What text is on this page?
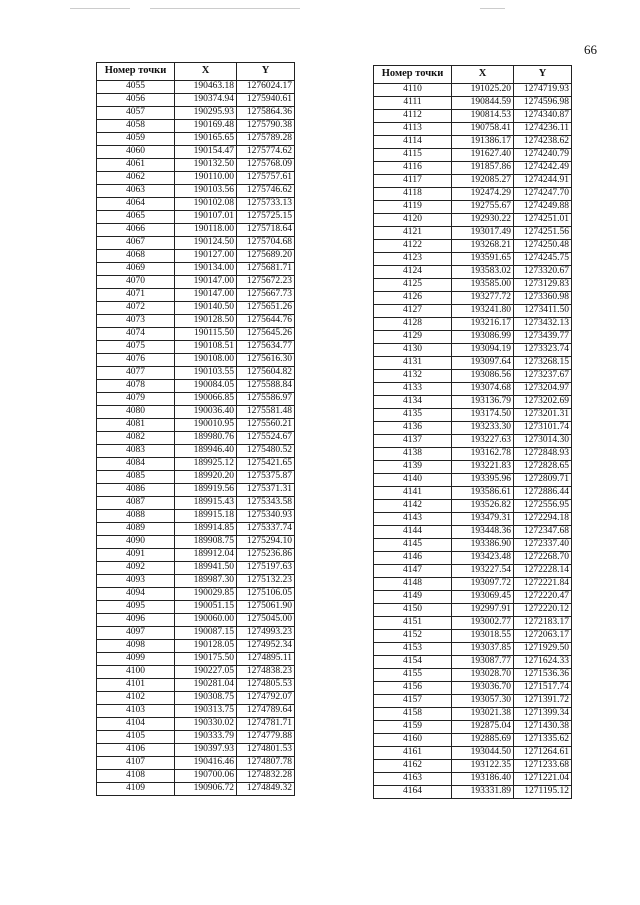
66
Номер точки	X	Y
4055	190463.18	1276024.17
4056	190374.94	1275940.61
4057	190295.93	1275864.36
4058	190169.48	1275790.38
4059	190165.65	1275789.28
4060	190154.47	1275774.62
4061	190132.50	1275768.09
4062	190110.00	1275757.61
4063	190103.56	1275746.62
4064	190102.08	1275733.13
4065	190107.01	1275725.15
4066	190118.00	1275718.64
4067	190124.50	1275704.68
4068	190127.00	1275689.20
4069	190134.00	1275681.71
4070	190147.00	1275672.23
4071	190147.00	1275667.73
4072	190140.50	1275651.26
4073	190128.50	1275644.76
4074	190115.50	1275645.26
4075	190108.51	1275634.77
4076	190108.00	1275616.30
4077	190103.55	1275604.82
4078	190084.05	1275588.84
4079	190066.85	1275586.97
4080	190036.40	1275581.48
4081	190010.95	1275560.21
4082	189980.76	1275524.67
4083	189946.40	1275480.52
4084	189925.12	1275421.65
4085	189920.20	1275375.87
4086	189919.56	1275371.31
4087	189915.43	1275343.58
4088	189915.18	1275340.93
4089	189914.85	1275337.74
4090	189908.75	1275294.10
4091	189912.04	1275236.86
4092	189941.50	1275197.63
4093	189987.30	1275132.23
4094	190029.85	1275106.05
4095	190051.15	1275061.90
4096	190060.00	1275045.00
4097	190087.15	1274993.23
4098	190128.05	1274952.34
4099	190175.50	1274895.11
4100	190227.05	1274838.23
4101	190281.04	1274805.53
4102	190308.75	1274792.07
4103	190313.75	1274789.64
4104	190330.02	1274781.71
4105	190333.79	1274779.88
4106	190397.93	1274801.53
4107	190416.46	1274807.78
4108	190700.06	1274832.28
4109	190906.72	1274849.32
Номер точки	X	Y
4110	191025.20	1274719.93
4111	190844.59	1274596.98
4112	190814.53	1274340.87
4113	190758.41	1274236.11
4114	191386.17	1274238.62
4115	191627.40	1274240.79
4116	191857.86	1274242.49
4117	192085.27	1274244.91
4118	192474.29	1274247.70
4119	192755.67	1274249.88
4120	192930.22	1274251.01
4121	193017.49	1274251.56
4122	193268.21	1274250.48
4123	193591.65	1274245.75
4124	193583.02	1273320.67
4125	193585.00	1273129.83
4126	193277.72	1273360.98
4127	193241.80	1273411.50
4128	193216.17	1273432.13
4129	193086.99	1273439.77
4130	193094.19	1273323.74
4131	193097.64	1273268.15
4132	193086.56	1273237.67
4133	193074.68	1273204.97
4134	193136.79	1273202.69
4135	193174.50	1273201.31
4136	193233.30	1273101.74
4137	193227.63	1273014.30
4138	193162.78	1272848.93
4139	193221.83	1272828.65
4140	193395.96	1272809.71
4141	193586.61	1272886.44
4142	193526.82	1272556.95
4143	193479.31	1272294.18
4144	193448.36	1272347.68
4145	193386.90	1272337.40
4146	193423.48	1272268.70
4147	193227.54	1272228.14
4148	193097.72	1272221.84
4149	193069.45	1272220.47
4150	192997.91	1272220.12
4151	193002.77	1272183.17
4152	193018.55	1272063.17
4153	193037.85	1271929.50
4154	193087.77	1271624.33
4155	193028.70	1271536.36
4156	193036.70	1271517.74
4157	193057.30	1271391.72
4158	193021.38	1271399.34
4159	192875.04	1271430.38
4160	192885.69	1271335.62
4161	193044.50	1271264.61
4162	193122.35	1271233.68
4163	193186.40	1271221.04
4164	193331.89	1271195.12
